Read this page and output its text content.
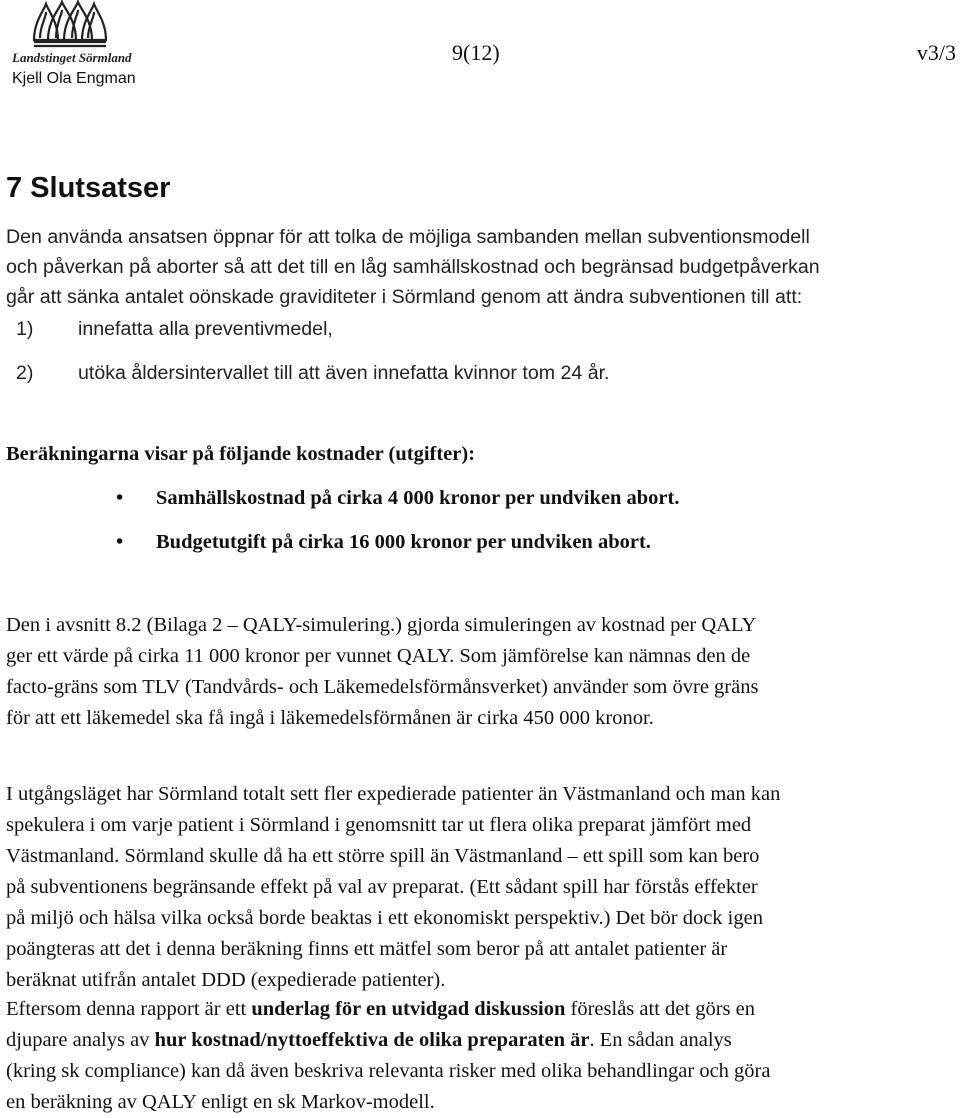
Landstinget Sörmland
Kjell Ola Engman
9(12)	v3/3
7 Slutsatser
Den använda ansatsen öppnar för att tolka de möjliga sambanden mellan subventionsmodell
och påverkan på aborter så att det till en låg samhällskostnad och begränsad budgetpåverkan
går att sänka antalet oönskade graviditeter i Sörmland genom att ändra subventionen till att:
1) innefatta alla preventivmedel,
2) utöka åldersintervallet till att även innefatta kvinnor tom 24 år.
Beräkningarna visar på följande kostnader (utgifter):
• Samhällskostnad på cirka 4 000 kronor per undviken abort.
• Budgetutgift på cirka 16 000 kronor per undviken abort.
Den i avsnitt 8.2 (Bilaga 2 – QALY-simulering.) gjorda simuleringen av kostnad per QALY
ger ett värde på cirka 11 000 kronor per vunnet QALY. Som jämförelse kan nämnas den de
facto-gräns som TLV (Tandvårds- och Läkemedelsförmånsverket) använder som övre gräns
för att ett läkemedel ska få ingå i läkemedelsförmånen är cirka 450 000 kronor.
I utgångsläget har Sörmland totalt sett fler expedierade patienter än Västmanland och man kan
spekulera i om varje patient i Sörmland i genomsnitt tar ut flera olika preparat jämfört med
Västmanland. Sörmland skulle då ha ett större spill än Västmanland – ett spill som kan bero
på subventionens begränsande effekt på val av preparat. (Ett sådant spill har förstås effekter
på miljö och hälsa vilka också borde beaktas i ett ekonomiskt perspektiv.) Det bör dock igen
poängteras att det i denna beräkning finns ett mätfel som beror på att antalet patienter är
beräknat utifrån antalet DDD (expedierade patienter).
Eftersom denna rapport är ett underlag för en utvidgad diskussion föreslås att det görs en
djupare analys av hur kostnad/nyttoeffektiva de olika preparaten är. En sådan analys
(kring sk compliance) kan då även beskriva relevanta risker med olika behandlingar och göra
en beräkning av QALY enligt en sk Markov-modell.
